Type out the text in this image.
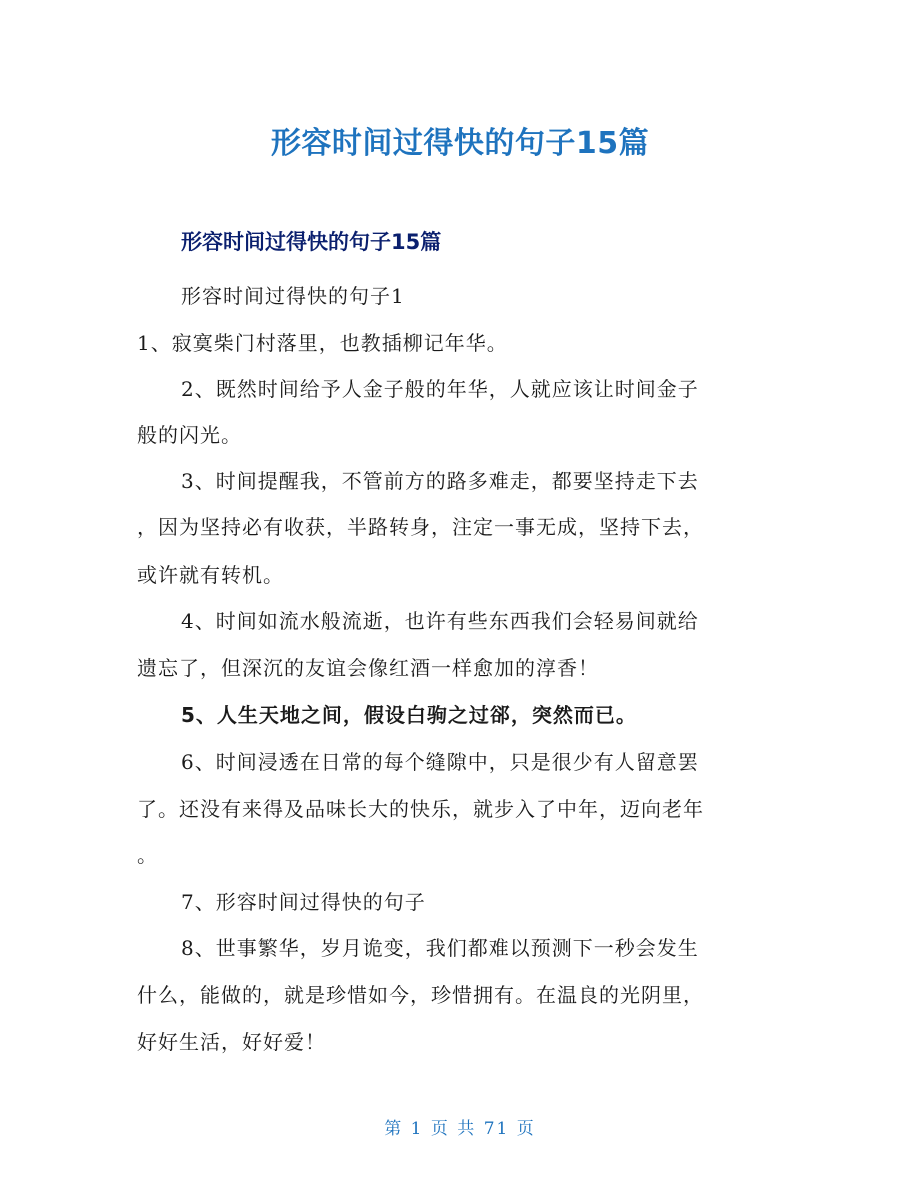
形容时间过得快的句子15篇
形容时间过得快的句子15篇
形容时间过得快的句子1
1、寂寞柴门村落里，也教插柳记年华。
2、既然时间给予人金子般的年华，人就应该让时间金子
般的闪光。
3、时间提醒我，不管前方的路多难走，都要坚持走下去
，因为坚持必有收获，半路转身，注定一事无成，坚持下去，
或许就有转机。
4、时间如流水般流逝，也许有些东西我们会轻易间就给
遗忘了，但深沉的友谊会像红酒一样愈加的淳香！
5、人生天地之间，假设白驹之过郤，突然而已。
6、时间浸透在日常的每个缝隙中，只是很少有人留意罢
了。还没有来得及品味长大的快乐，就步入了中年，迈向老年
。
7、形容时间过得快的句子
8、世事繁华，岁月诡变，我们都难以预测下一秒会发生
什么，能做的，就是珍惜如今，珍惜拥有。在温良的光阴里，
好好生活，好好爱！
第 1 页 共 71 页
